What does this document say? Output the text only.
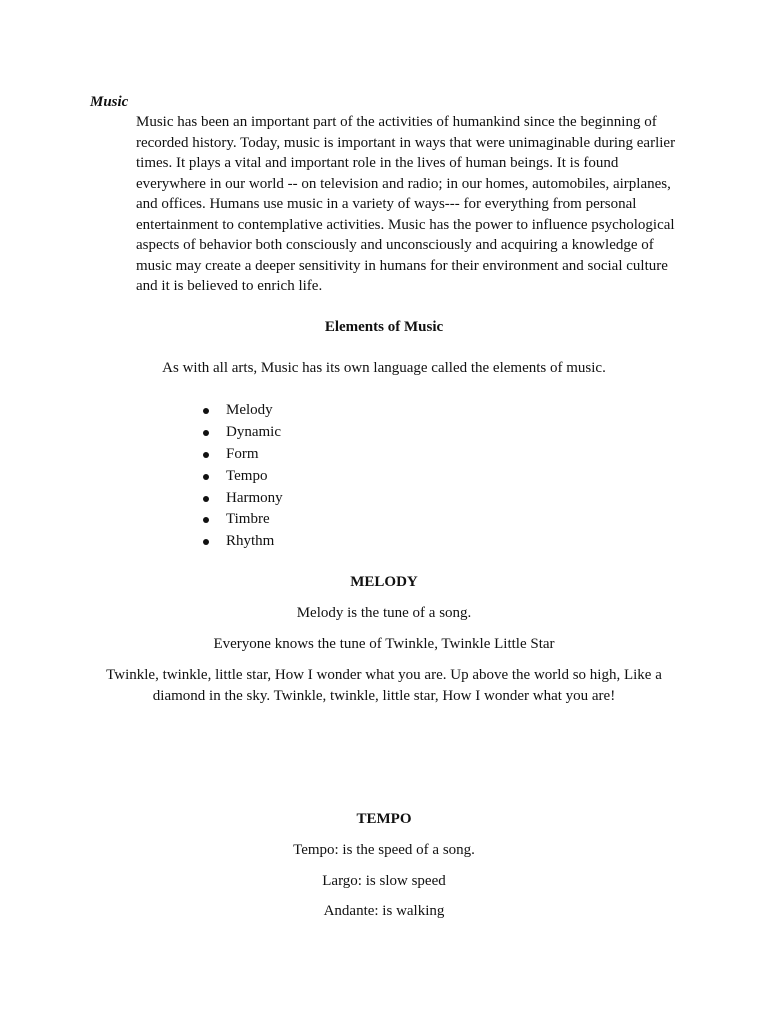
Music

Music has been an important part of the activities of humankind since the beginning of recorded history. Today, music is important in ways that were unimaginable during earlier times. It plays a vital and important role in the lives of human beings. It is found everywhere in our world -- on television and radio; in our homes, automobiles, airplanes, and offices. Humans use music in a variety of ways--- for everything from personal entertainment to contemplative activities. Music has the power to influence psychological aspects of behavior both consciously and unconsciously and acquiring a knowledge of music may create a deeper sensitivity in humans for their environment and social culture and it is believed to enrich life.

Elements of Music
As with all arts, Music has its own language called the elements of music.
Melody
Dynamic
Form
Tempo
Harmony
Timbre
Rhythm
MELODY
Melody is the tune of a song.
Everyone knows the tune of Twinkle, Twinkle Little Star

Twinkle, twinkle, little star, How I wonder what you are. Up above the world so high, Like a diamond in the sky. Twinkle, twinkle, little star, How I wonder what you are!

TEMPO
Tempo: is the speed of a song.
Largo: is slow speed
Andante: is walking
